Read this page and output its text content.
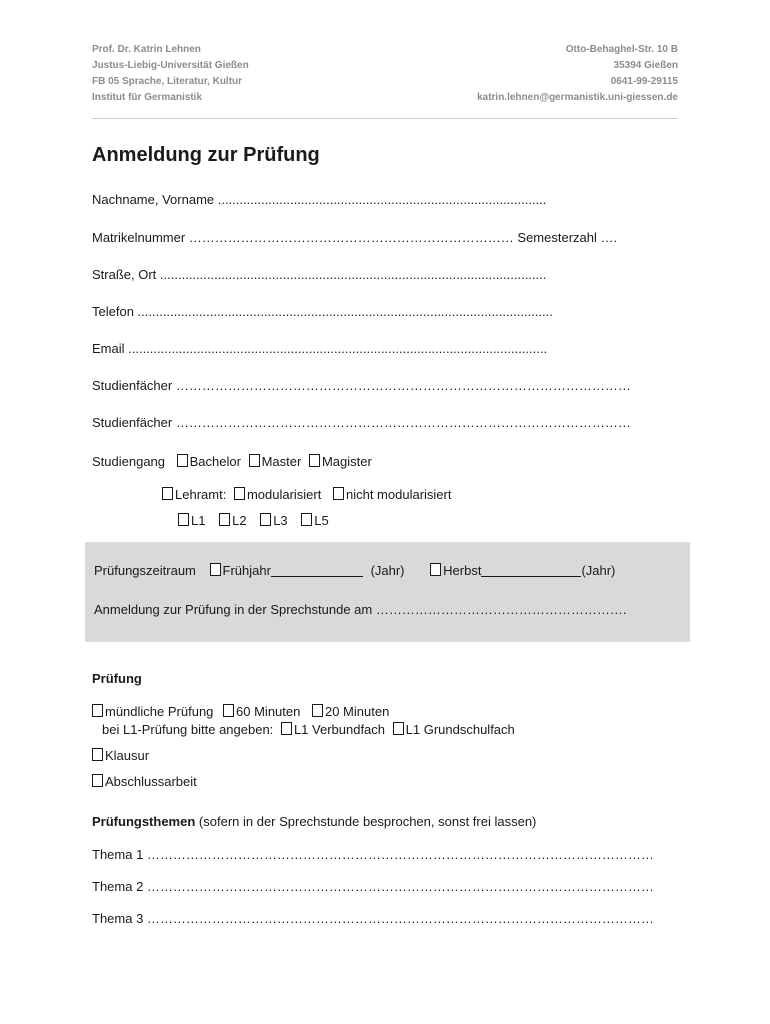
Prof. Dr. Katrin Lehnen
Justus-Liebig-Universität Gießen
FB 05 Sprache, Literatur, Kultur
Institut für Germanistik
Otto-Behaghel-Str. 10 B
35394 Gießen
0641-99-29115
katrin.lehnen@germanistik.uni-giessen.de
Anmeldung zur Prüfung
Nachname, Vorname ...........................................................................................
Matrikelnummer ………………………………………………………………… Semesterzahl ….
Straße, Ort ...........................................................................................................
Telefon ...................................................................................................................
Email ....................................................................................................................
Studienfächer ……………………………………………………………………………………………
Studienfächer ……………………………………………………………………………………………
Studiengang Bachelor Master Magister
Lehramt: modularisiert nicht modularisiert
L1 L2 L3 L5
Prüfungszeitraum Frühjahr	(Jahr)	Herbst	(Jahr)
Anmeldung zur Prüfung in der Sprechstunde am ………………………………………………….
Prüfung
mündliche Prüfung 60 Minuten 20 Minuten
bei L1-Prüfung bitte angeben: L1 Verbundfach L1 Grundschulfach
Klausur
Abschlussarbeit
Prüfungsthemen (sofern in der Sprechstunde besprochen, sonst frei lassen)
Thema 1 ………………………………………………………………………………………………………
Thema 2 ………………………………………………………………………………………………………
Thema 3 ………………………………………………………………………………………………………
